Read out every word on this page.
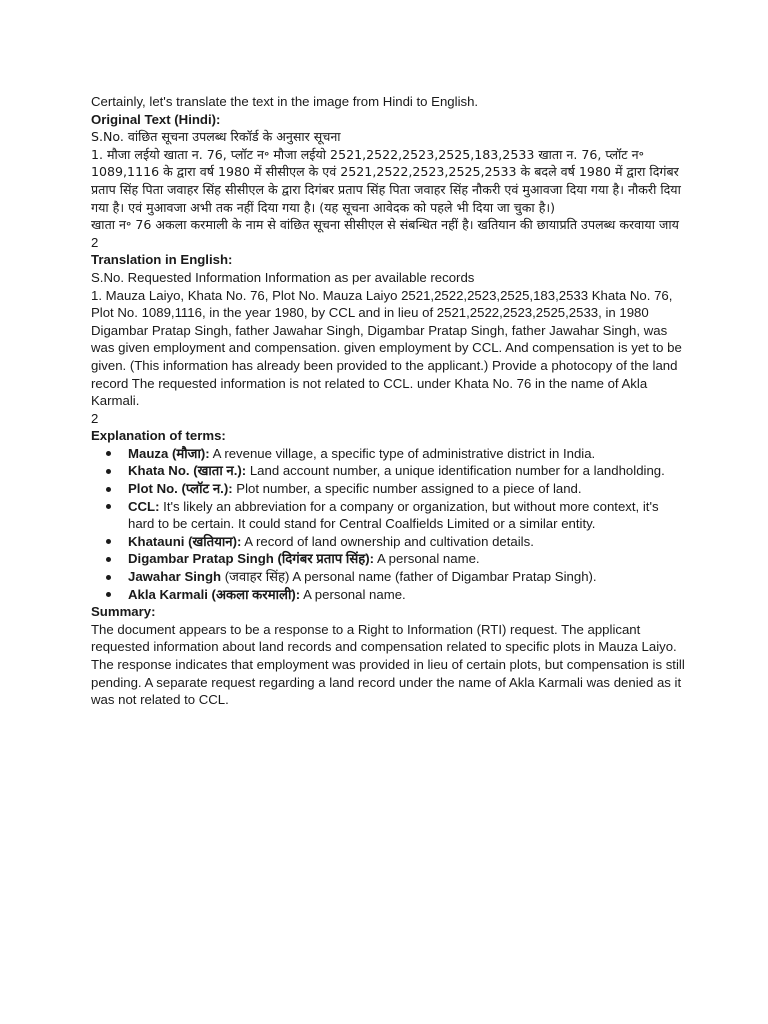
Certainly, let's translate the text in the image from Hindi to English.

Original Text (Hindi):

S.No. वांछित सूचना उपलब्ध रिकॉर्ड के अनुसार सूचना

1. मौजा लईयो खाता न. 76, प्लॉट न॰ मौजा लईयो 2521,2522,2523,2525,183,2533 खाता न. 76, प्लॉट न॰ 1089,1116 के द्वारा वर्ष 1980 में सीसीएल के एवं 2521,2522,2523,2525,2533 के बदले वर्ष 1980 में द्वारा दिगंबर प्रताप सिंह पिता जवाहर सिंह सीसीएल के द्वारा दिगंबर प्रताप सिंह पिता जवाहर सिंह नौकरी एवं मुआवजा दिया गया है। नौकरी दिया गया है। एवं मुआवजा अभी तक नहीं दिया गया है। (यह सूचना आवेदक को पहले भी दिया जा चुका है।)

खाता न॰ 76 अकला करमाली के नाम से वांछित सूचना सीसीएल से संबन्धित नहीं है। खतियान की छायाप्रति उपलब्ध करवाया जाय

2

Translation in English:

S.No. Requested Information Information as per available records

1. Mauza Laiyo, Khata No. 76, Plot No. Mauza Laiyo 2521,2522,2523,2525,183,2533 Khata No. 76, Plot No. 1089,1116, in the year 1980, by CCL and in lieu of 2521,2522,2523,2525,2533, in 1980 Digambar Pratap Singh, father Jawahar Singh, Digambar Pratap Singh, father Jawahar Singh, was was given employment and compensation. given employment by CCL. And compensation is yet to be given. (This information has already been provided to the applicant.) Provide a photocopy of the land record The requested information is not related to CCL. under Khata No. 76 in the name of Akla Karmali.

2

Explanation of terms:

Mauza (मौजा): A revenue village, a specific type of administrative district in India.
Khata No. (खाता न.): Land account number, a unique identification number for a landholding.
Plot No. (प्लॉट न.): Plot number, a specific number assigned to a piece of land.
CCL: It's likely an abbreviation for a company or organization, but without more context, it's hard to be certain. It could stand for Central Coalfields Limited or a similar entity.
Khatauni (खतियान): A record of land ownership and cultivation details.
Digambar Pratap Singh (दिगंबर प्रताप सिंह): A personal name.
Jawahar Singh (जवाहर सिंह) A personal name (father of Digambar Pratap Singh).
Akla Karmali (अकला करमाली): A personal name.

Summary:

The document appears to be a response to a Right to Information (RTI) request. The applicant requested information about land records and compensation related to specific plots in Mauza Laiyo. The response indicates that employment was provided in lieu of certain plots, but compensation is still pending. A separate request regarding a land record under the name of Akla Karmali was denied as it was not related to CCL.
